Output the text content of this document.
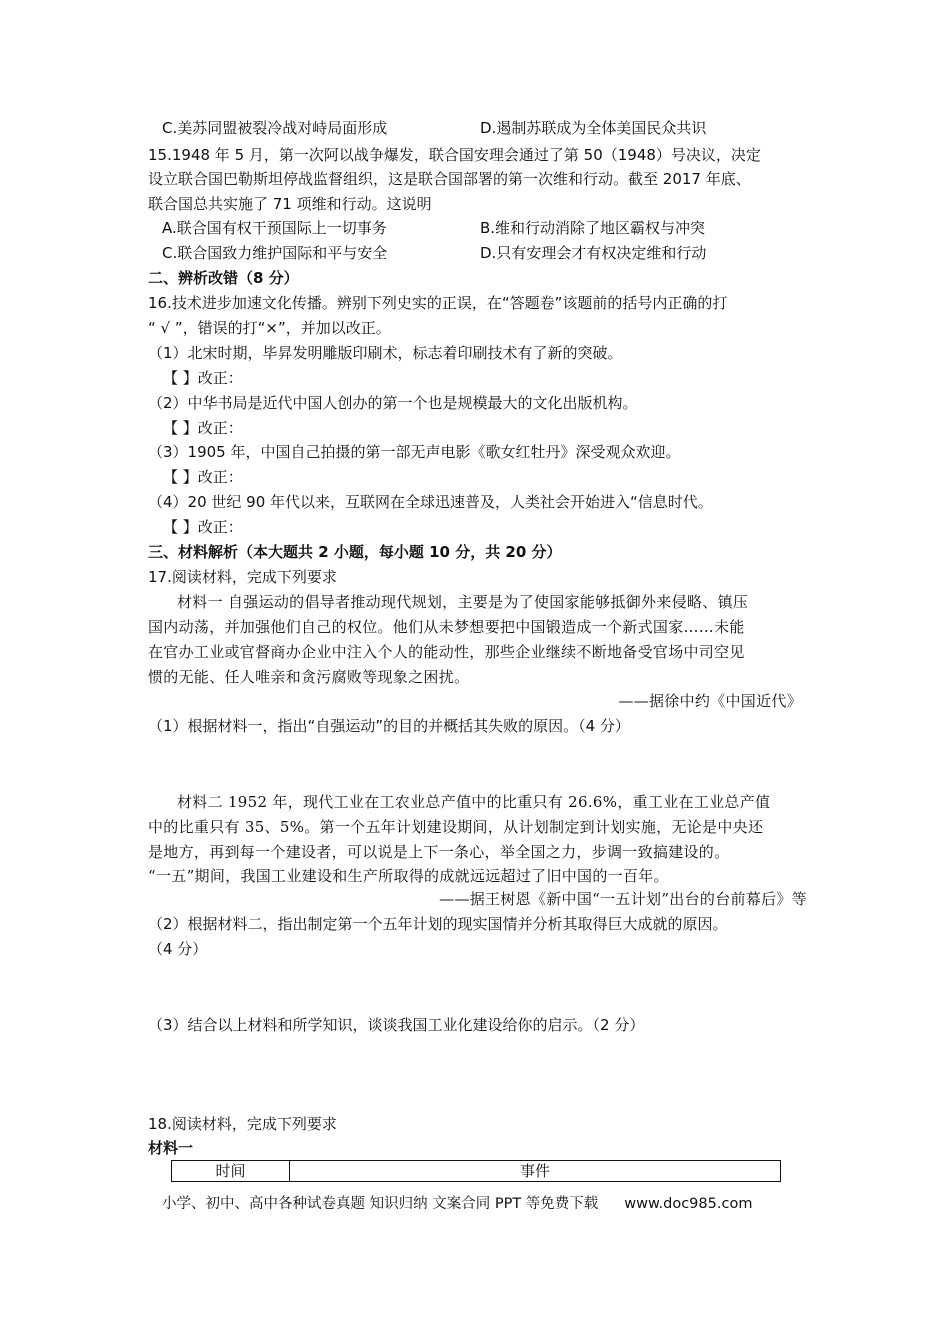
C.美苏同盟被裂冷战对峙局面形成	D.遏制苏联成为全体美国民众共识
15.1948 年 5 月，第一次阿以战争爆发，联合国安理会通过了第 50（1948）号决议，决定
设立联合国巴勒斯坦停战监督组织，这是联合国部署的第一次维和行动。截至 2017 年底、
联合国总共实施了 71 项维和行动。这说明
A.联合国有权干预国际上一切事务	B.维和行动消除了地区霸权与冲突
C.联合国致力维护国际和平与安全	D.只有安理会才有权决定维和行动
二、辨析改错（8 分）
16.技术进步加速文化传播。辨别下列史实的正误，在“答题卷”该题前的括号内正确的打
“ √ ”，错误的打“×”，并加以改正。
（1）北宋时期，毕昇发明雕版印刷术，标志着印刷技术有了新的突破。
【 】改正：
（2）中华书局是近代中国人创办的第一个也是规模最大的文化出版机构。
【 】改正：
（3）1905 年，中国自己拍摄的第一部无声电影《歌女红牡丹》深受观众欢迎。
【 】改正：
（4）20 世纪 90 年代以来，互联网在全球迅速普及，人类社会开始进入“信息时代。
【 】改正：
三、材料解析（本大题共 2 小题，每小题 10 分，共 20 分）
17.阅读材料，完成下列要求
材料一 自强运动的倡导者推动现代规划，主要是为了使国家能够抵御外来侵略、镇压
国内动荡，并加强他们自己的权位。他们从未梦想要把中国锻造成一个新式国家……未能
在官办工业或官督商办企业中注入个人的能动性，那些企业继续不断地备受官场中司空见
惯的无能、任人唯亲和贪污腐败等现象之困扰。
——据徐中约《中国近代》
（1）根据材料一，指出“自强运动”的目的并概括其失败的原因。（4 分）
材料二 1952 年，现代工业在工农业总产值中的比重只有 26.6%，重工业在工业总产值
中的比重只有 35、5%。第一个五年计划建设期间，从计划制定到计划实施，无论是中央还
是地方，再到每一个建设者，可以说是上下一条心，举全国之力，步调一致搞建设的。
“一五”期间，我国工业建设和生产所取得的成就远远超过了旧中国的一百年。
——据王树恩《新中国“一五计划”出台的台前幕后》等
（2）根据材料二，指出制定第一个五年计划的现实国情并分析其取得巨大成就的原因。
（4 分）
（3）结合以上材料和所学知识，谈谈我国工业化建设给你的启示。（2 分）
18.阅读材料，完成下列要求
材料一
时间	事件
小学、初中、高中各种试卷真题 知识归纳 文案合同 PPT 等免费下载 www.doc985.com
